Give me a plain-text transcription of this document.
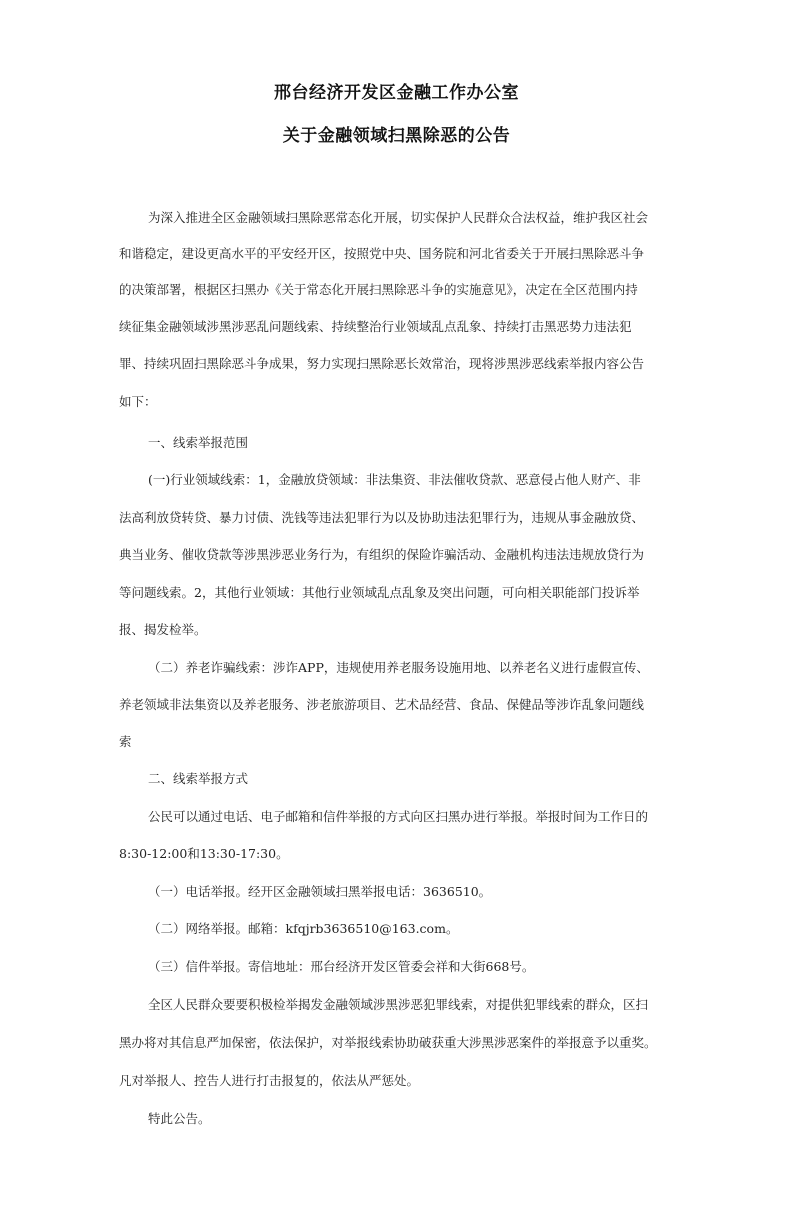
邢台经济开发区金融工作办公室
关于金融领域扫黑除恶的公告
为深入推进全区金融领域扫黑除恶常态化开展，切实保护人民群众合法权益，维护我区社会
和谐稳定，建设更高水平的平安经开区，按照党中央、国务院和河北省委关于开展扫黑除恶斗争
的决策部署，根据区扫黑办《关于常态化开展扫黑除恶斗争的实施意见》，决定在全区范围内持
续征集金融领域涉黑涉恶乱问题线索、持续整治行业领域乱点乱象、持续打击黑恶势力违法犯
罪、持续巩固扫黑除恶斗争成果，努力实现扫黑除恶长效常治，现将涉黑涉恶线索举报内容公告
如下：
一、线索举报范围
(一)行业领域线索：1，金融放贷领域：非法集资、非法催收贷款、恶意侵占他人财产、非
法高利放贷转贷、暴力讨债、洗钱等违法犯罪行为以及协助违法犯罪行为，违规从事金融放贷、
典当业务、催收贷款等涉黑涉恶业务行为，有组织的保险诈骗活动、金融机构违法违规放贷行为
等问题线索。2，其他行业领域：其他行业领域乱点乱象及突出问题，可向相关职能部门投诉举
报、揭发检举。
（二）养老诈骗线索：涉诈APP，违规使用养老服务设施用地、以养老名义进行虚假宣传、
养老领域非法集资以及养老服务、涉老旅游项目、艺术品经营、食品、保健品等涉诈乱象问题线
索
二、线索举报方式
公民可以通过电话、电子邮箱和信件举报的方式向区扫黑办进行举报。举报时间为工作日的
8:30-12:00和13:30-17:30。
（一）电话举报。经开区金融领域扫黑举报电话：3636510。
（二）网络举报。邮箱：kfqjrb3636510@163.com。
（三）信件举报。寄信地址：邢台经济开发区管委会祥和大街668号。
全区人民群众要要积极检举揭发金融领域涉黑涉恶犯罪线索，对提供犯罪线索的群众，区扫
黑办将对其信息严加保密，依法保护，对举报线索协助破获重大涉黑涉恶案件的举报意予以重奖。
凡对举报人、控告人进行打击报复的，依法从严惩处。
特此公告。
